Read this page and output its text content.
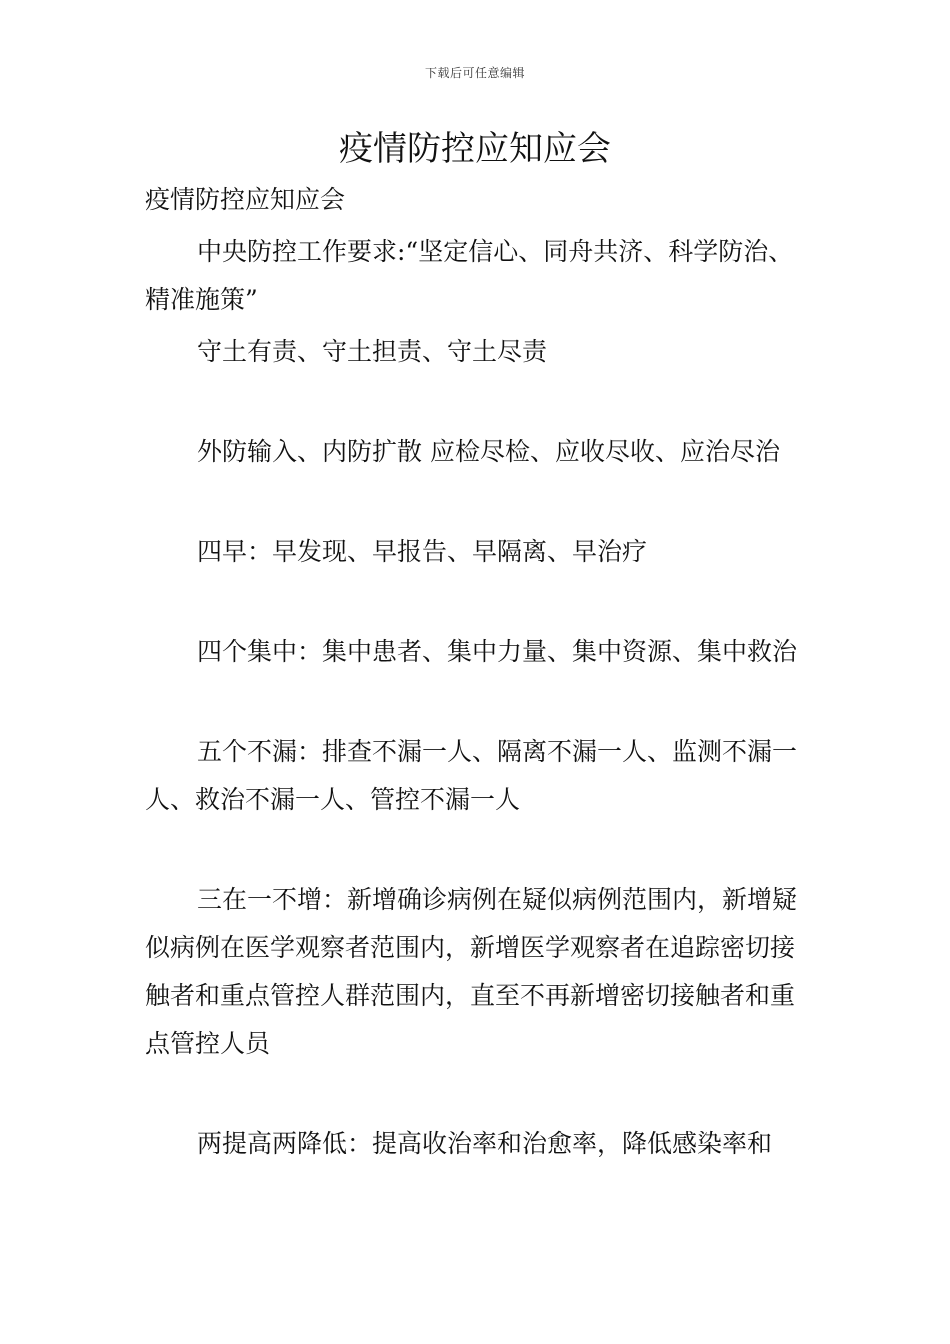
下载后可任意编辑
疫情防控应知应会

疫情防控应知应会

中央防控工作要求:“坚定信心、同舟共济、科学防治、精准施策”

守土有责、守土担责、守土尽责

外防输入、内防扩散 应检尽检、应收尽收、应治尽治

四早：早发现、早报告、早隔离、早治疗

四个集中：集中患者、集中力量、集中资源、集中救治

五个不漏：排查不漏一人、隔离不漏一人、监测不漏一人、救治不漏一人、管控不漏一人

三在一不增：新增确诊病例在疑似病例范围内，新增疑似病例在医学观察者范围内，新增医学观察者在追踪密切接触者和重点管控人群范围内，直至不再新增密切接触者和重点管控人员

两提高两降低：提高收治率和治愈率，降低感染率和
